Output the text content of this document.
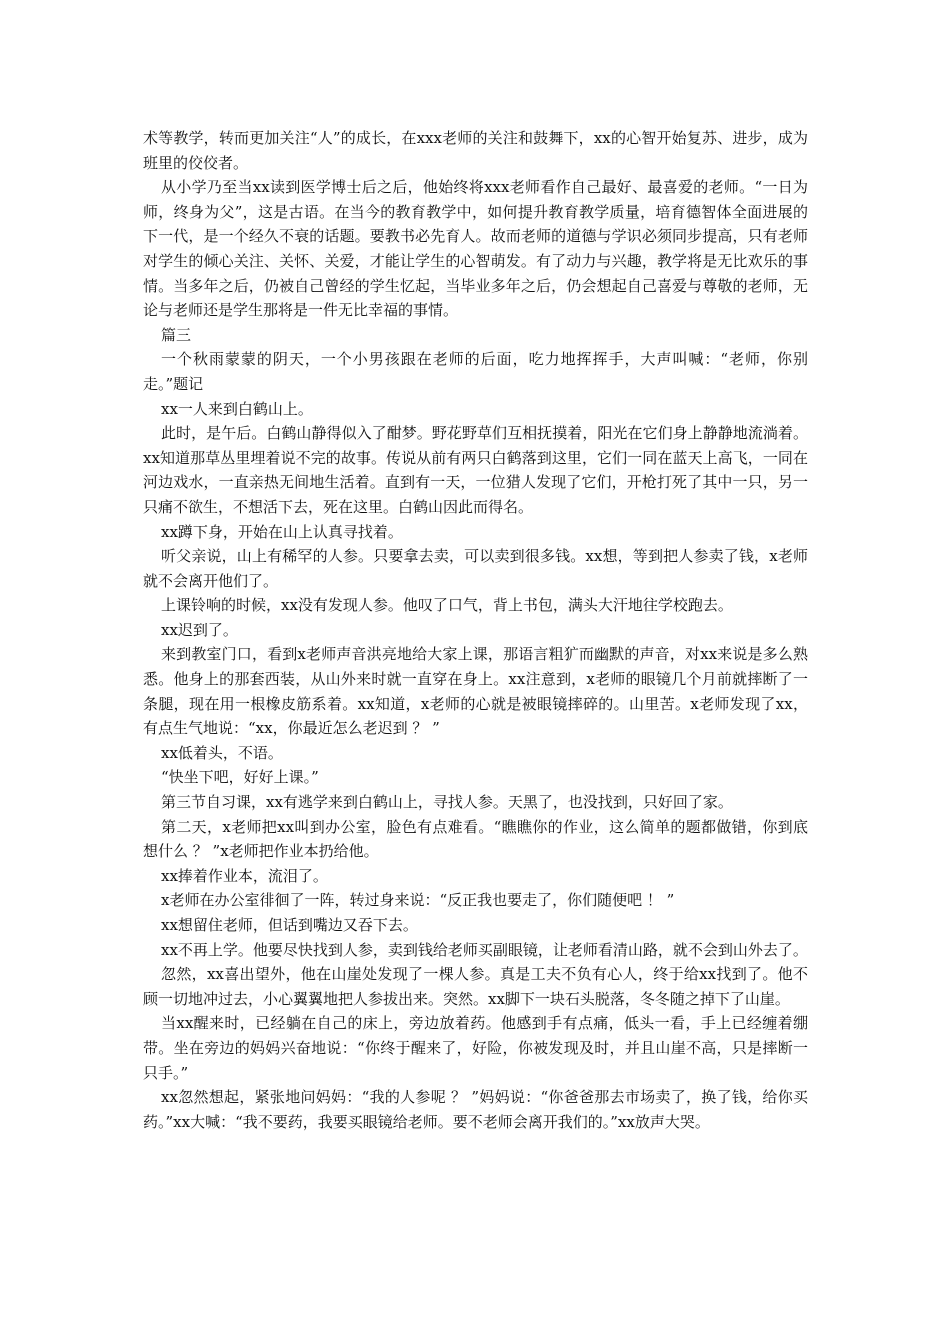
术等教学，转而更加关注“人”的成长，在xxx老师的关注和鼓舞下，xx的心智开始复苏、进步，成为班里的佼佼者。

从小学乃至当xx读到医学博士后之后，他始终将xxx老师看作自己最好、最喜爱的老师。“一日为师，终身为父”，这是古语。在当今的教育教学中，如何提升教育教学质量，培育德智体全面进展的下一代，是一个经久不衰的话题。要教书必先育人。故而老师的道德与学识必须同步提高，只有老师对学生的倾心关注、关怀、关爱，才能让学生的心智萌发。有了动力与兴趣，教学将是无比欢乐的事情。当多年之后，仍被自己曾经的学生忆起，当毕业多年之后，仍会想起自己喜爱与尊敬的老师，无论与老师还是学生那将是一件无比幸福的事情。

篇三

一个秋雨蒙蒙的阴天，一个小男孩跟在老师的后面，吃力地挥挥手，大声叫喊：“老师，你别走。”题记

xx一人来到白鹤山上。

此时，是午后。白鹤山静得似入了酣梦。野花野草们互相抚摸着，阳光在它们身上静静地流淌着。xx知道那草丛里埋着说不完的故事。传说从前有两只白鹤落到这里，它们一同在蓝天上高飞，一同在河边戏水，一直亲热无间地生活着。直到有一天，一位猎人发现了它们，开枪打死了其中一只，另一只痛不欲生，不想活下去，死在这里。白鹤山因此而得名。

xx蹲下身，开始在山上认真寻找着。

听父亲说，山上有稀罕的人参。只要拿去卖，可以卖到很多钱。xx想，等到把人参卖了钱，x老师就不会离开他们了。

上课铃响的时候，xx没有发现人参。他叹了口气，背上书包，满头大汗地往学校跑去。

xx迟到了。

来到教室门口，看到x老师声音洪亮地给大家上课，那语言粗犷而幽默的声音，对xx来说是多么熟悉。他身上的那套西装，从山外来时就一直穿在身上。xx注意到，x老师的眼镜几个月前就摔断了一条腿，现在用一根橡皮筋系着。xx知道，x老师的心就是被眼镜摔碎的。山里苦。x老师发现了xx，有点生气地说：“xx，你最近怎么老迟到 ？ ”

xx低着头，不语。

“快坐下吧，好好上课。”

第三节自习课，xx有逃学来到白鹤山上，寻找人参。天黑了，也没找到，只好回了家。

第二天，x老师把xx叫到办公室，脸色有点难看。“瞧瞧你的作业，这么简单的题都做错，你到底想什么 ？ ”x老师把作业本扔给他。

xx捧着作业本，流泪了。

x老师在办公室徘徊了一阵，转过身来说：“反正我也要走了，你们随便吧 ！ ”

xx想留住老师，但话到嘴边又吞下去。

xx不再上学。他要尽快找到人参，卖到钱给老师买副眼镜，让老师看清山路，就不会到山外去了。

忽然，xx喜出望外，他在山崖处发现了一棵人参。真是工夫不负有心人，终于给xx找到了。他不顾一切地冲过去，小心翼翼地把人参拔出来。突然。xx脚下一块石头脱落，冬冬随之掉下了山崖。

当xx醒来时，已经躺在自己的床上，旁边放着药。他感到手有点痛，低头一看，手上已经缠着绷带。坐在旁边的妈妈兴奋地说：“你终于醒来了，好险，你被发现及时，并且山崖不高，只是摔断一只手。”

xx忽然想起，紧张地问妈妈：“我的人参呢 ？ ”妈妈说：“你爸爸那去市场卖了，换了钱，给你买药。”xx大喊：“我不要药，我要买眼镜给老师。要不老师会离开我们的。”xx放声大哭。
